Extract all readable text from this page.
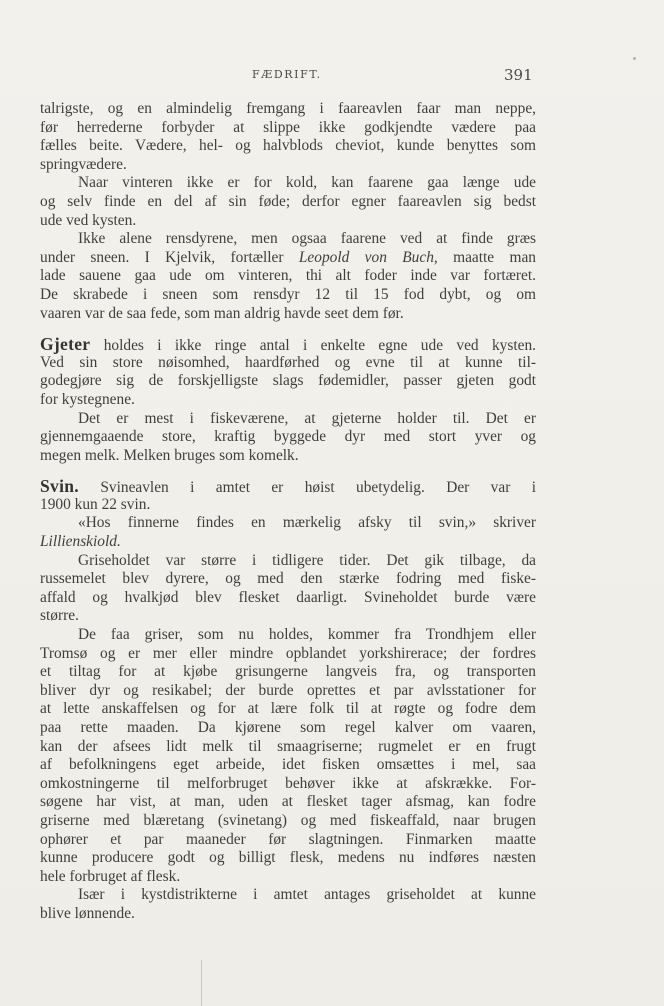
FÆDRIFT.	391
talrigste, og en almindelig fremgang i faareavlen faar man neppe,
før herrederne forbyder at slippe ikke godkjendte vædere paa
fælles beite. Vædere, hel- og halvblods cheviot, kunde benyttes som
springvædere.
Naar vinteren ikke er for kold, kan faarene gaa længe ude
og selv finde en del af sin føde; derfor egner faareavlen sig bedst
ude ved kysten.
Ikke alene rensdyrene, men ogsaa faarene ved at finde græs
under sneen. I Kjelvik, fortæller Leopold von Buch, maatte man
lade sauene gaa ude om vinteren, thi alt foder inde var fortæret.
De skrabede i sneen som rensdyr 12 til 15 fod dybt, og om
vaaren var de saa fede, som man aldrig havde seet dem før.
Gjeter holdes i ikke ringe antal i enkelte egne ude ved kysten.
Ved sin store nøisomhed, haardførhed og evne til at kunne til-
godegjøre sig de forskjelligste slags fødemidler, passer gjeten godt
for kystegnene.
Det er mest i fiskeværene, at gjeterne holder til. Det er
gjennemgaaende store, kraftig byggede dyr med stort yver og
megen melk. Melken bruges som komelk.
Svin. Svineavlen i amtet er høist ubetydelig. Der var i
1900 kun 22 svin.
«Hos finnerne findes en mærkelig afsky til svin,» skriver
Lillienskiold.
Griseholdet var større i tidligere tider. Det gik tilbage, da
russemelet blev dyrere, og med den stærke fodring med fiske-
affald og hvalkjød blev flesket daarligt. Svineholdet burde være
større.
De faa griser, som nu holdes, kommer fra Trondhjem eller
Tromsø og er mer eller mindre opblandet yorkshirerace; der fordres
et tiltag for at kjøbe grisungerne langveis fra, og transporten
bliver dyr og resikabel; der burde oprettes et par avlsstationer for
at lette anskaffelsen og for at lære folk til at røgte og fodre dem
paa rette maaden. Da kjørene som regel kalver om vaaren,
kan der afsees lidt melk til smaagriserne; rugmelet er en frugt
af befolkningens eget arbeide, idet fisken omsættes i mel, saa
omkostningerne til melforbruget behøver ikke at afskrække. For-
søgene har vist, at man, uden at flesket tager afsmag, kan fodre
griserne med blæretang (svinetang) og med fiskeaffald, naar brugen
ophører et par maaneder før slagtningen. Finmarken maatte
kunne producere godt og billigt flesk, medens nu indføres næsten
hele forbruget af flesk.
Især i kystdistrikterne i amtet antages griseholdet at kunne
blive lønnende.
